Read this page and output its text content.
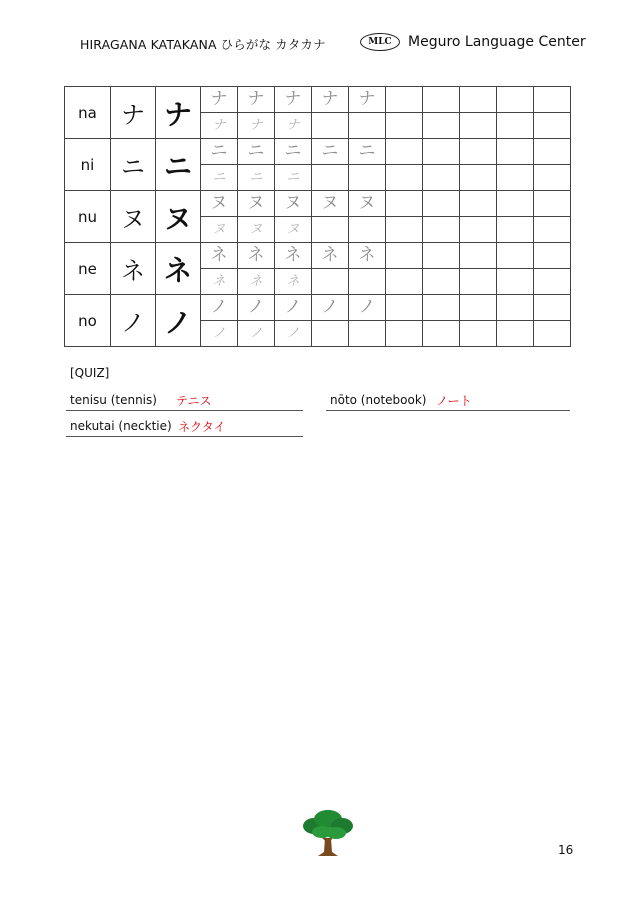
HIRAGANA KATAKANA ひらがな カタカナ	MLC	Meguro Language Center
na	ナ	ナ	ナ	ナ	ナ	ナ	ナ					
			ナ	ナ	ナ							
ni	ニ	ニ	ニ	ニ	ニ	ニ	ニ					
			ニ	ニ	ニ							
nu	ヌ	ヌ	ヌ	ヌ	ヌ	ヌ	ヌ					
			ヌ	ヌ	ヌ							
ne	ネ	ネ	ネ	ネ	ネ	ネ	ネ					
			ネ	ネ	ネ							
no	ノ	ノ	ノ	ノ	ノ	ノ	ノ					
			ノ	ノ	ノ							
[QUIZ]
tenisu (tennis)	テニス	nōto (notebook) ノート
nekutai (necktie) ネクタイ
16
